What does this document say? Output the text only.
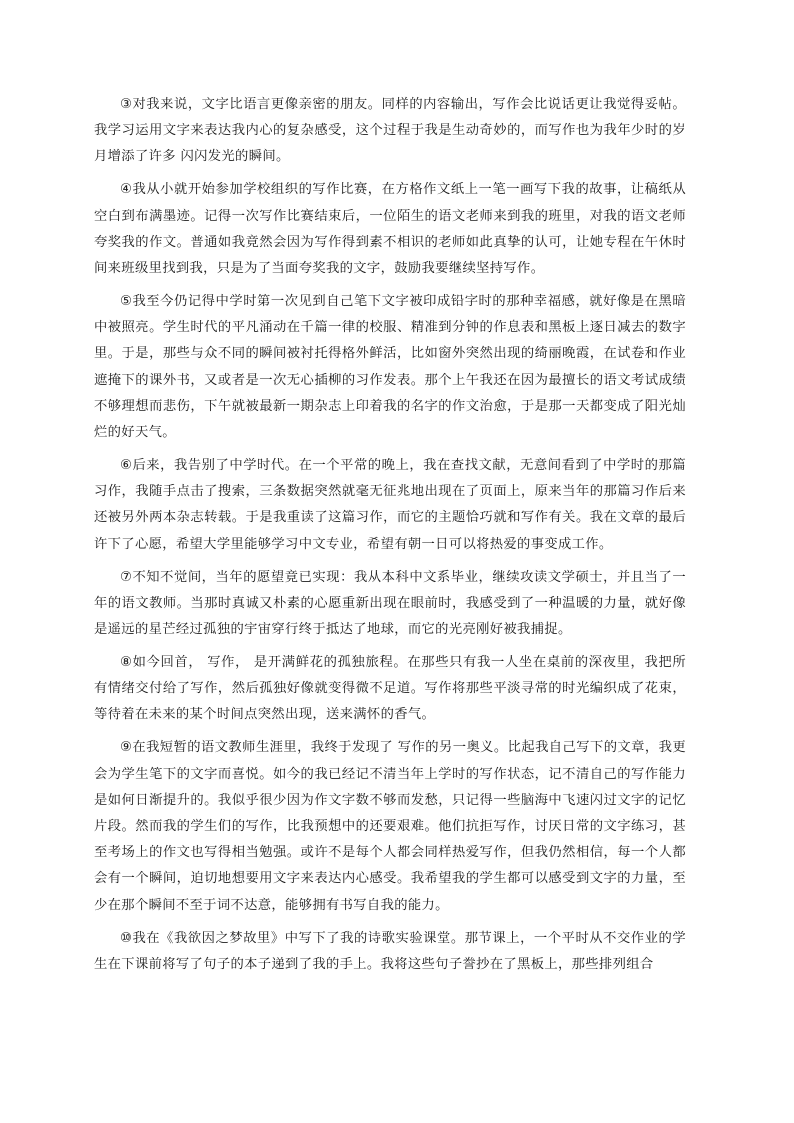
③对我来说，文字比语言更像亲密的朋友。同样的内容输出，写作会比说话更让我觉得妥帖。我学习运用文字来表达我内心的复杂感受，这个过程于我是生动奇妙的，而写作也为我年少时的岁月增添了许多 闪闪发光的瞬间。

④我从小就开始参加学校组织的写作比赛，在方格作文纸上一笔一画写下我的故事，让稿纸从空白到布满墨迹。记得一次写作比赛结束后，一位陌生的语文老师来到我的班里，对我的语文老师夸奖我的作文。普通如我竟然会因为写作得到素不相识的老师如此真挚的认可，让她专程在午休时间来班级里找到我，只是为了当面夸奖我的文字，鼓励我要继续坚持写作。

⑤我至今仍记得中学时第一次见到自己笔下文字被印成铅字时的那种幸福感，就好像是在黑暗中被照亮。学生时代的平凡涌动在千篇一律的校服、精准到分钟的作息表和黑板上逐日减去的数字里。于是，那些与众不同的瞬间被衬托得格外鲜活，比如窗外突然出现的绮丽晚霞，在试卷和作业遮掩下的课外书，又或者是一次无心插柳的习作发表。那个上午我还在因为最擅长的语文考试成绩不够理想而悲伤，下午就被最新一期杂志上印着我的名字的作文治愈，于是那一天都变成了阳光灿烂的好天气。

⑥后来，我告别了中学时代。在一个平常的晚上，我在查找文献，无意间看到了中学时的那篇习作，我随手点击了搜索，三条数据突然就毫无征兆地出现在了页面上，原来当年的那篇习作后来还被另外两本杂志转载。于是我重读了这篇习作，而它的主题恰巧就和写作有关。我在文章的最后许下了心愿，希望大学里能够学习中文专业，希望有朝一日可以将热爱的事变成工作。

⑦不知不觉间，当年的愿望竟已实现：我从本科中文系毕业，继续攻读文学硕士，并且当了一年的语文教师。当那时真诚又朴素的心愿重新出现在眼前时，我感受到了一种温暖的力量，就好像是遥远的星芒经过孤独的宇宙穿行终于抵达了地球，而它的光亮刚好被我捕捉。

⑧如今回首， 写作， 是开满鲜花的孤独旅程。在那些只有我一人坐在桌前的深夜里，我把所有情绪交付给了写作，然后孤独好像就变得微不足道。写作将那些平淡寻常的时光编织成了花束，等待着在未来的某个时间点突然出现，送来满怀的香气。

⑨在我短暂的语文教师生涯里，我终于发现了 写作的另一奥义。比起我自己写下的文章，我更会为学生笔下的文字而喜悦。如今的我已经记不清当年上学时的写作状态，记不清自己的写作能力是如何日渐提升的。我似乎很少因为作文字数不够而发愁，只记得一些脑海中飞速闪过文字的记忆片段。然而我的学生们的写作，比我预想中的还要艰难。他们抗拒写作，讨厌日常的文字练习，甚至考场上的作文也写得相当勉强。或许不是每个人都会同样热爱写作，但我仍然相信，每一个人都会有一个瞬间，迫切地想要用文字来表达内心感受。我希望我的学生都可以感受到文字的力量，至少在那个瞬间不至于词不达意，能够拥有书写自我的能力。

⑩我在《我欲因之梦故里》中写下了我的诗歌实验课堂。那节课上，一个平时从不交作业的学生在下课前将写了句子的本子递到了我的手上。我将这些句子誊抄在了黑板上，那些排列组合
